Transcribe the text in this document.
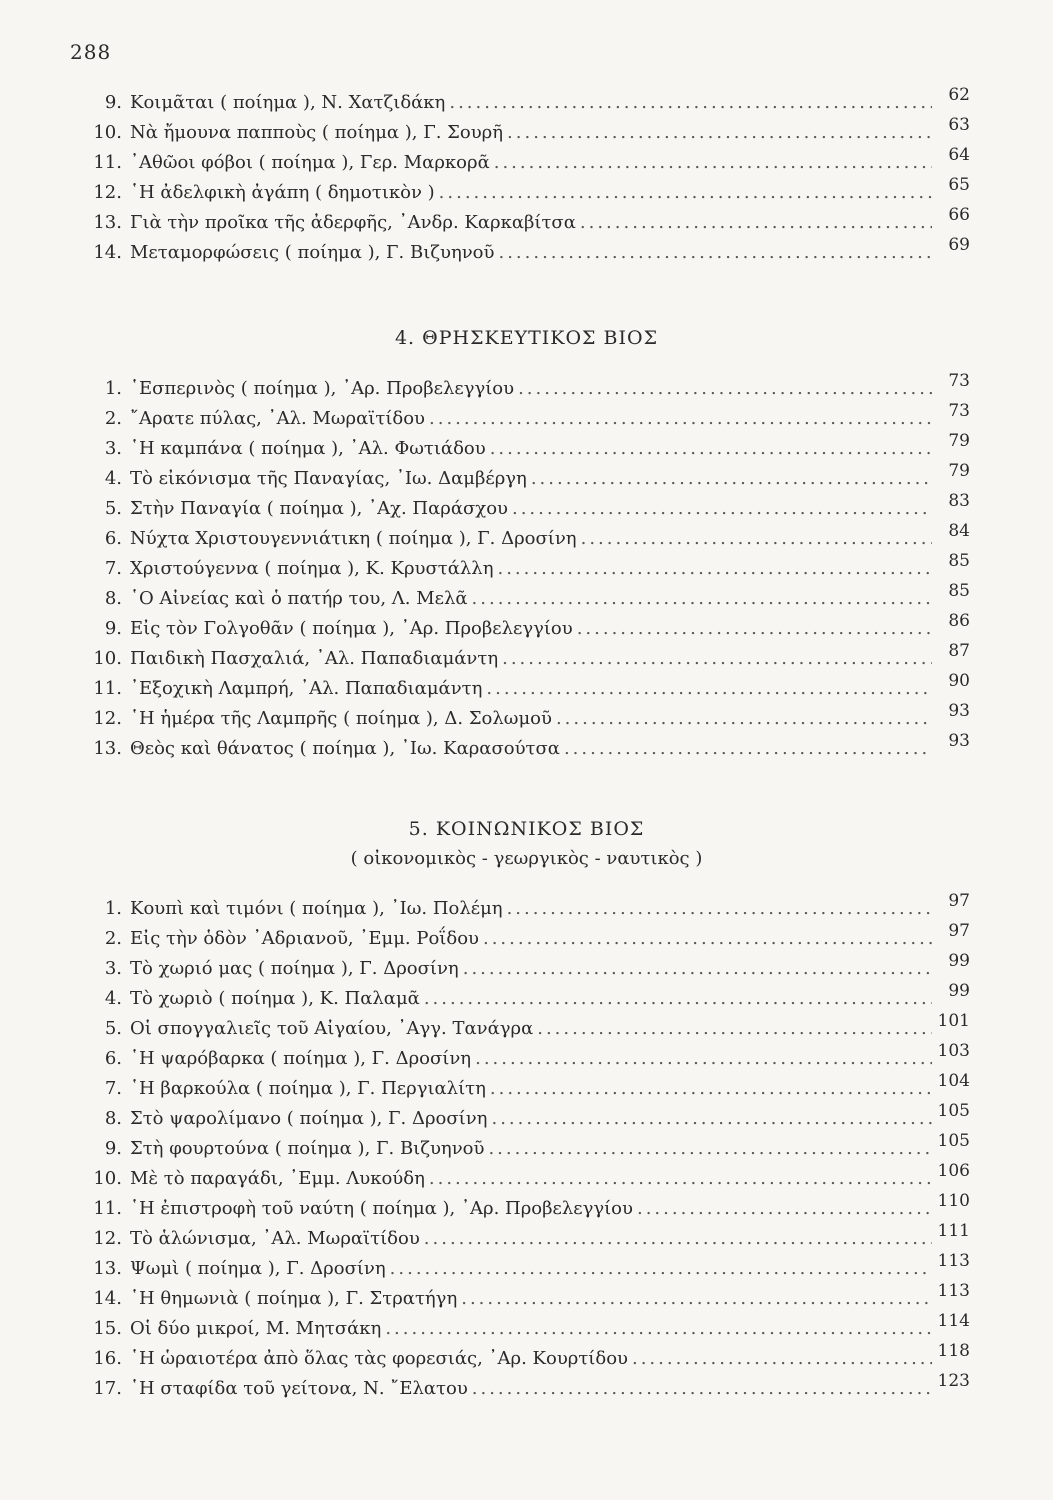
288
9. Κοιμᾶται ( ποίημα ), Ν. Χατζιδάκη .....	62
10. Νὰ ἤμουνα παπποὺς ( ποίημα ), Γ. Σουρῆ .....	63
11. ᾿Αθῶοι φόβοι ( ποίημα ), Γερ. Μαρκορᾶ .....	64
12. ῾Η ἀδελφικὴ ἀγάπη ( δημοτικὸν ) .....	65
13. Γιὰ τὴν προῖκα τῆς ἀδερφῆς, ᾿Ανδρ. Καρκαβίτσα .....	66
14. Μεταμορφώσεις ( ποίημα ), Γ. Βιζυηνοῦ .....	69
4. ΘΡΗΣΚΕΥΤΙΚΟΣ ΒΙΟΣ
1. ῾Εσπερινὸς ( ποίημα ), ᾿Αρ. Προβελεγγίου .....	73
2. ῎Αρατε πύλας, ᾿Αλ. Μωραϊτίδου .....	73
3. ῾Η καμπάνα ( ποίημα ), ᾿Αλ. Φωτιάδου .....	79
4. Τὸ εἰκόνισμα τῆς Παναγίας, ᾿Ιω. Δαμβέργη .....	79
5. Στὴν Παναγία ( ποίημα ), ᾿Αχ. Παράσχου .....	83
6. Νύχτα Χριστουγεννιάτικη ( ποίημα ), Γ. Δροσίνη .....	84
7. Χριστούγεννα ( ποίημα ), Κ. Κρυστάλλη .....	85
8. ῾Ο Αἰνείας καὶ ὁ πατήρ του, Λ. Μελᾶ .....	85
9. Εἰς τὸν Γολγοθᾶν ( ποίημα ), ᾿Αρ. Προβελεγγίου .....	86
10. Παιδικὴ Πασχαλιά, ᾿Αλ. Παπαδιαμάντη .....	87
11. ᾿Εξοχικὴ Λαμπρή, ᾿Αλ. Παπαδιαμάντη .....	90
12. ῾Η ἡμέρα τῆς Λαμπρῆς ( ποίημα ), Δ. Σολωμοῦ .....	93
13. Θεὸς καὶ θάνατος ( ποίημα ), ᾿Ιω. Καρασούτσα .....	93
5. ΚΟΙΝΩΝΙΚΟΣ ΒΙΟΣ
( οἰκονομικὸς - γεωργικὸς - ναυτικὸς )
1. Κουπὶ καὶ τιμόνι ( ποίημα ), ᾿Ιω. Πολέμη .....	97
2. Εἰς τὴν ὁδὸν ᾿Αδριανοῦ, ᾿Εμμ. Ροΐδου .....	97
3. Τὸ χωριό μας ( ποίημα ), Γ. Δροσίνη .....	99
4. Τὸ χωριὸ ( ποίημα ), Κ. Παλαμᾶ .....	99
5. Οἱ σπογγαλιεῖς τοῦ Αἰγαίου, ᾿Αγγ. Τανάγρα .....	101
6. ῾Η ψαρόβαρκα ( ποίημα ), Γ. Δροσίνη .....	103
7. ῾Η βαρκούλα ( ποίημα ), Γ. Περγιαλίτη .....	104
8. Στὸ ψαρολίμανο ( ποίημα ), Γ. Δροσίνη .....	105
9. Στὴ φουρτούνα ( ποίημα ), Γ. Βιζυηνοῦ .....	105
10. Μὲ τὸ παραγάδι, ᾿Εμμ. Λυκούδη .....	106
11. ῾Η ἐπιστροφὴ τοῦ ναύτη ( ποίημα ), ᾿Αρ. Προβελεγγίου .....	110
12. Τὸ ἁλώνισμα, ᾿Αλ. Μωραϊτίδου .....	111
13. Ψωμὶ ( ποίημα ), Γ. Δροσίνη .....	113
14. ῾Η θημωνιὰ ( ποίημα ), Γ. Στρατήγη .....	113
15. Οἱ δύο μικροί, Μ. Μητσάκη .....	114
16. ῾Η ὡραιοτέρα ἀπὸ ὅλας τὰς φορεσιάς, ᾿Αρ. Κουρτίδου .....	118
17. ῾Η σταφίδα τοῦ γείτονα, Ν. ῎Ελατου .....	123
